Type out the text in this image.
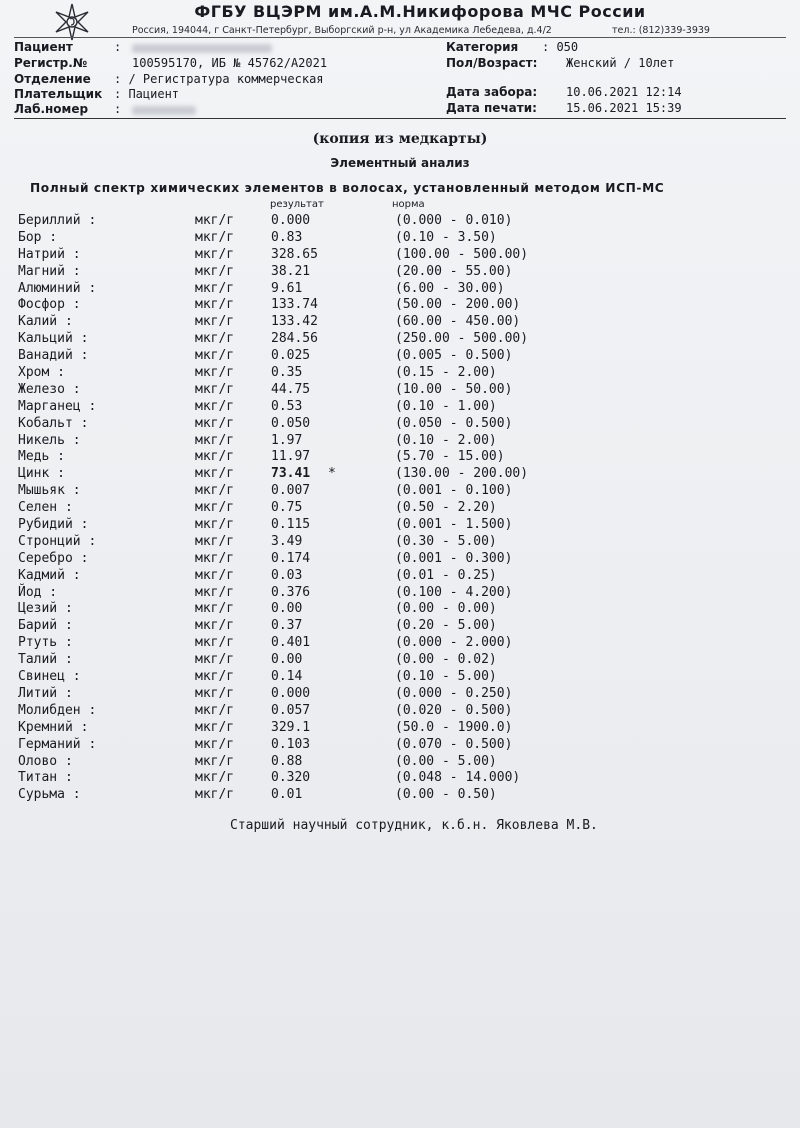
ФГБУ ВЦЭРМ им.А.М.Никифорова МЧС России
Россия, 194044, г Санкт-Петербург, Выборгский р-н, ул Академика Лебедева, д.4/2	тел.: (812)339-3939
Пациент	:
Регистр.№	100595170, ИБ № 45762/A2021
Отделение : / Регистратура коммерческая
Плательщик : Пациент
Лаб.номер :
Категория : 050
Пол/Возраст: Женский / 10лет
Дата забора: 10.06.2021 12:14
Дата печати: 15.06.2021 15:39
(копия из медкарты)
Элементный анализ
Полный спектр химических элементов в волосах, установленный методом ИСП-МС
результат	норма
Бериллий :	мкг/г	0.000	(0.000 - 0.010)
Бор :	мкг/г	0.83	(0.10 - 3.50)
Натрий :	мкг/г	328.65	(100.00 - 500.00)
Магний :	мкг/г	38.21	(20.00 - 55.00)
Алюминий :	мкг/г	9.61	(6.00 - 30.00)
Фосфор :	мкг/г	133.74	(50.00 - 200.00)
Калий :	мкг/г	133.42	(60.00 - 450.00)
Кальций :	мкг/г	284.56	(250.00 - 500.00)
Ванадий :	мкг/г	0.025	(0.005 - 0.500)
Хром :	мкг/г	0.35	(0.15 - 2.00)
Железо :	мкг/г	44.75	(10.00 - 50.00)
Марганец :	мкг/г	0.53	(0.10 - 1.00)
Кобальт :	мкг/г	0.050	(0.050 - 0.500)
Никель :	мкг/г	1.97	(0.10 - 2.00)
Медь :	мкг/г	11.97	(5.70 - 15.00)
Цинк :	мкг/г	73.41 *	(130.00 - 200.00)
Мышьяк :	мкг/г	0.007	(0.001 - 0.100)
Селен :	мкг/г	0.75	(0.50 - 2.20)
Рубидий :	мкг/г	0.115	(0.001 - 1.500)
Стронций :	мкг/г	3.49	(0.30 - 5.00)
Серебро :	мкг/г	0.174	(0.001 - 0.300)
Кадмий :	мкг/г	0.03	(0.01 - 0.25)
Йод :	мкг/г	0.376	(0.100 - 4.200)
Цезий :	мкг/г	0.00	(0.00 - 0.00)
Барий :	мкг/г	0.37	(0.20 - 5.00)
Ртуть :	мкг/г	0.401	(0.000 - 2.000)
Талий :	мкг/г	0.00	(0.00 - 0.02)
Свинец :	мкг/г	0.14	(0.10 - 5.00)
Литий :	мкг/г	0.000	(0.000 - 0.250)
Молибден :	мкг/г	0.057	(0.020 - 0.500)
Кремний :	мкг/г	329.1	(50.0 - 1900.0)
Германий :	мкг/г	0.103	(0.070 - 0.500)
Олово :	мкг/г	0.88	(0.00 - 5.00)
Титан :	мкг/г	0.320	(0.048 - 14.000)
Сурьма :	мкг/г	0.01	(0.00 - 0.50)
Старший научный сотрудник, к.б.н. Яковлева М.В.
